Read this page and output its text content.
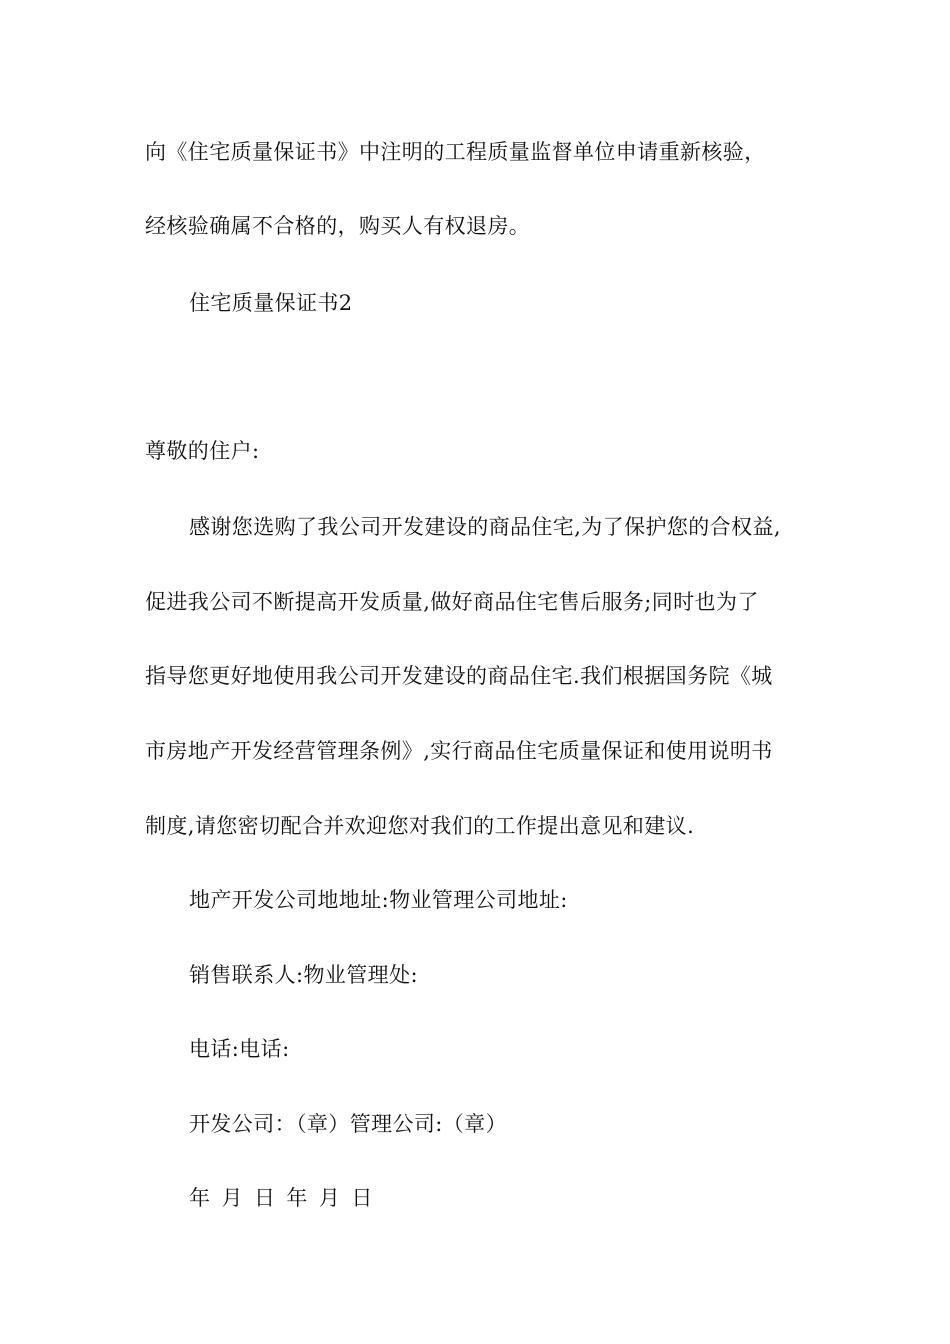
向《住宅质量保证书》中注明的工程质量监督单位申请重新核验，
经核验确属不合格的，购买人有权退房。
住宅质量保证书2
尊敬的住户:
感谢您选购了我公司开发建设的商品住宅,为了保护您的合权益,
促进我公司不断提高开发质量,做好商品住宅售后服务;同时也为了
指导您更好地使用我公司开发建设的商品住宅.我们根据国务院《城
市房地产开发经营管理条例》,实行商品住宅质量保证和使用说明书
制度,请您密切配合并欢迎您对我们的工作提出意见和建议.
地产开发公司地地址:物业管理公司地址:
销售联系人:物业管理处:
电话:电话:
开发公司：（章）管理公司:（章）
年 月 日 年 月 日
